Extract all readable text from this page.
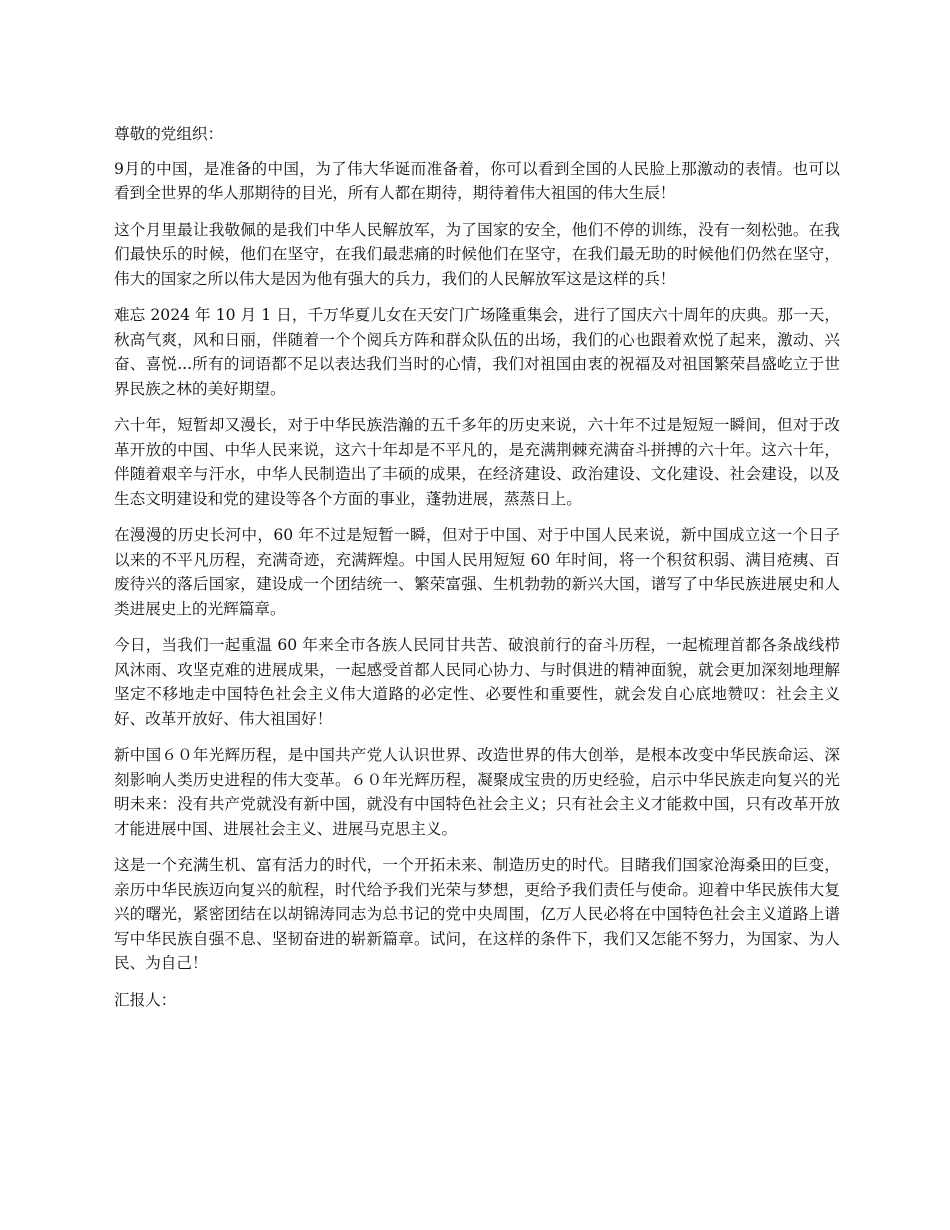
尊敬的党组织：

9月的中国，是准备的中国，为了伟大华诞而准备着，你可以看到全国的人民脸上那激动的表情。也可以看到全世界的华人那期待的目光，所有人都在期待，期待着伟大祖国的伟大生辰！

这个月里最让我敬佩的是我们中华人民解放军，为了国家的安全，他们不停的训练，没有一刻松弛。在我们最快乐的时候，他们在坚守，在我们最悲痛的时候他们在坚守，在我们最无助的时候他们仍然在坚守，伟大的国家之所以伟大是因为他有强大的兵力，我们的人民解放军这是这样的兵！

难忘 2024 年 10 月 1 日，千万华夏儿女在天安门广场隆重集会，进行了国庆六十周年的庆典。那一天，秋高气爽，风和日丽，伴随着一个个阅兵方阵和群众队伍的出场，我们的心也跟着欢悦了起来，激动、兴奋、喜悦...所有的词语都不足以表达我们当时的心情，我们对祖国由衷的祝福及对祖国繁荣昌盛屹立于世界民族之林的美好期望。

六十年，短暂却又漫长，对于中华民族浩瀚的五千多年的历史来说，六十年不过是短短一瞬间，但对于改革开放的中国、中华人民来说，这六十年却是不平凡的，是充满荆棘充满奋斗拼搏的六十年。这六十年，伴随着艰辛与汗水，中华人民制造出了丰硕的成果，在经济建设、政治建设、文化建设、社会建设，以及生态文明建设和党的建设等各个方面的事业，蓬勃进展，蒸蒸日上。

在漫漫的历史长河中，60 年不过是短暂一瞬，但对于中国、对于中国人民来说，新中国成立这一个日子以来的不平凡历程，充满奇迹，充满辉煌。中国人民用短短 60 年时间，将一个积贫积弱、满目疮痍、百废待兴的落后国家，建设成一个团结统一、繁荣富强、生机勃勃的新兴大国，谱写了中华民族进展史和人类进展史上的光辉篇章。

今日，当我们一起重温 60 年来全市各族人民同甘共苦、破浪前行的奋斗历程，一起梳理首都各条战线栉风沐雨、攻坚克难的进展成果，一起感受首都人民同心协力、与时俱进的精神面貌，就会更加深刻地理解坚定不移地走中国特色社会主义伟大道路的必定性、必要性和重要性，就会发自心底地赞叹：社会主义好、改革开放好、伟大祖国好！

新中国６０年光辉历程，是中国共产党人认识世界、改造世界的伟大创举，是根本改变中华民族命运、深刻影响人类历史进程的伟大变革。６０年光辉历程，凝聚成宝贵的历史经验，启示中华民族走向复兴的光明未来：没有共产党就没有新中国，就没有中国特色社会主义；只有社会主义才能救中国，只有改革开放才能进展中国、进展社会主义、进展马克思主义。

这是一个充满生机、富有活力的时代，一个开拓未来、制造历史的时代。目睹我们国家沧海桑田的巨变，亲历中华民族迈向复兴的航程，时代给予我们光荣与梦想，更给予我们责任与使命。迎着中华民族伟大复兴的曙光，紧密团结在以胡锦涛同志为总书记的党中央周围，亿万人民必将在中国特色社会主义道路上谱写中华民族自强不息、坚韧奋进的崭新篇章。试问，在这样的条件下，我们又怎能不努力，为国家、为人民、为自己！

汇报人：
